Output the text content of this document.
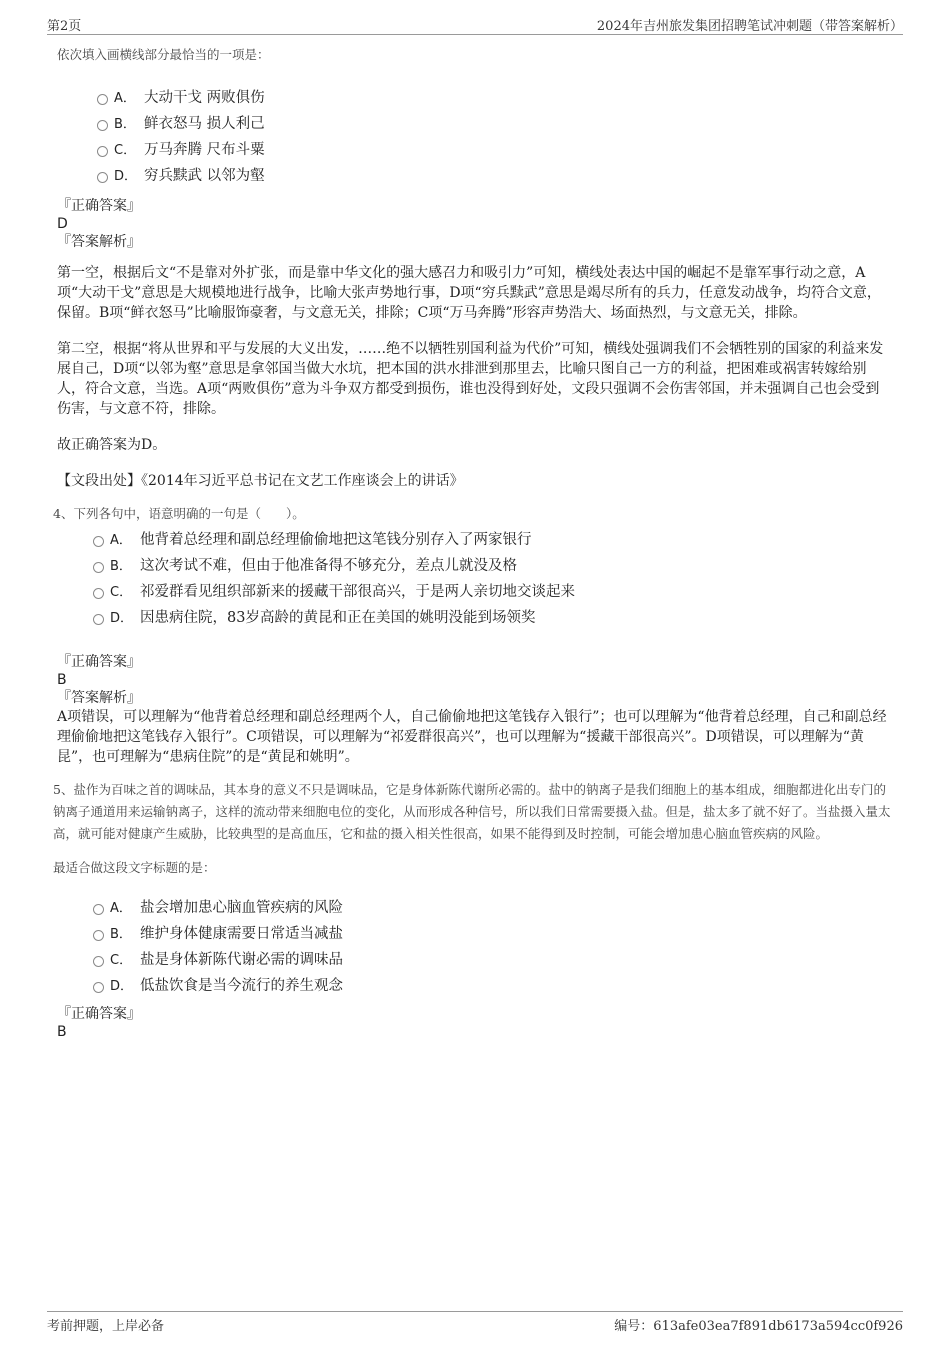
第2页	2024年吉州旅发集团招聘笔试冲刺题（带答案解析）
依次填入画横线部分最恰当的一项是：
A． 大动干戈 两败俱伤
B． 鲜衣怒马 损人利己
C． 万马奔腾 尺布斗粟
D． 穷兵黩武 以邻为壑
『正确答案』
D
『答案解析』

第一空，根据后文“不是靠对外扩张，而是靠中华文化的强大感召力和吸引力”可知，横线处表达中国的崛起不是靠军事行动之意，A项“大动干戈”意思是大规模地进行战争，比喻大张声势地行事，D项“穷兵黩武”意思是竭尽所有的兵力，任意发动战争，均符合文意，保留。B项“鲜衣怒马”比喻服饰豪奢，与文意无关，排除；C项“万马奔腾”形容声势浩大、场面热烈，与文意无关，排除。

第二空，根据“将从世界和平与发展的大义出发，……绝不以牺牲别国利益为代价”可知，横线处强调我们不会牺牲别的国家的利益来发展自己，D项“以邻为壑”意思是拿邻国当做大水坑，把本国的洪水排泄到那里去，比喻只图自己一方的利益，把困难或祸害转嫁给别人，符合文意，当选。A项“两败俱伤”意为斗争双方都受到损伤，谁也没得到好处，文段只强调不会伤害邻国，并未强调自己也会受到伤害，与文意不符，排除。

故正确答案为D。

【文段出处】《2014年习近平总书记在文艺工作座谈会上的讲话》

4、下列各句中，语意明确的一句是（　　）。
A． 他背着总经理和副总经理偷偷地把这笔钱分别存入了两家银行
B． 这次考试不难，但由于他准备得不够充分，差点儿就没及格
C． 祁爱群看见组织部新来的援藏干部很高兴，于是两人亲切地交谈起来
D． 因患病住院，83岁高龄的黄昆和正在美国的姚明没能到场领奖
『正确答案』
B
『答案解析』
A项错误，可以理解为“他背着总经理和副总经理两个人，自己偷偷地把这笔钱存入银行”；也可以理解为“他背着总经理，自己和副总经理偷偷地把这笔钱存入银行”。C项错误，可以理解为“祁爱群很高兴”，也可以理解为“援藏干部很高兴”。D项错误，可以理解为“黄昆”，也可理解为“患病住院”的是“黄昆和姚明”。
5、盐作为百味之首的调味品，其本身的意义不只是调味品，它是身体新陈代谢所必需的。盐中的钠离子是我们细胞上的基本组成，细胞都进化出专门的钠离子通道用来运输钠离子，这样的流动带来细胞电位的变化，从而形成各种信号，所以我们日常需要摄入盐。但是，盐太多了就不好了。当盐摄入量太高，就可能对健康产生威胁，比较典型的是高血压，它和盐的摄入相关性很高，如果不能得到及时控制，可能会增加患心脑血管疾病的风险。
最适合做这段文字标题的是：
A． 盐会增加患心脑血管疾病的风险
B． 维护身体健康需要日常适当减盐
C． 盐是身体新陈代谢必需的调味品
D． 低盐饮食是当今流行的养生观念
『正确答案』
B
考前押题，上岸必备	编号：613afe03ea7f891db6173a594cc0f926
